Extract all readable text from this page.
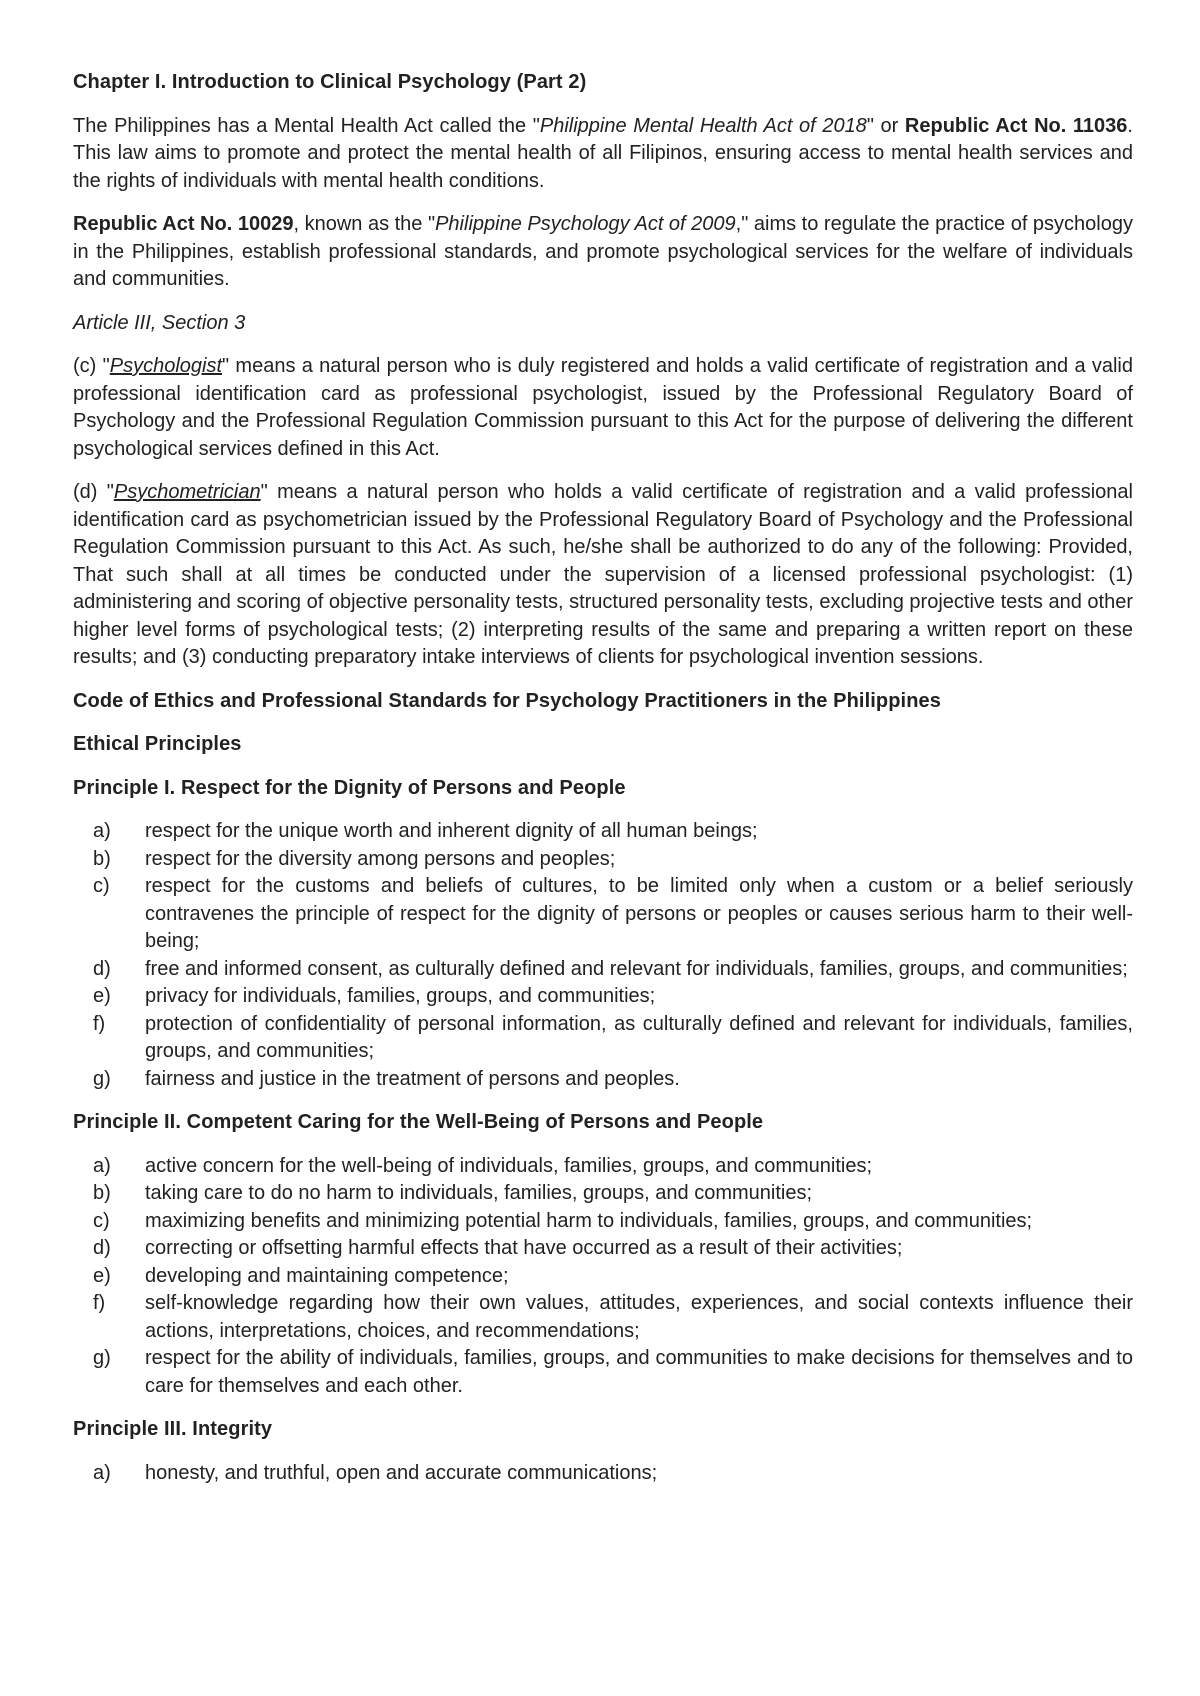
Chapter I. Introduction to Clinical Psychology (Part 2)

The Philippines has a Mental Health Act called the "Philippine Mental Health Act of 2018" or Republic Act No. 11036. This law aims to promote and protect the mental health of all Filipinos, ensuring access to mental health services and the rights of individuals with mental health conditions.

Republic Act No. 10029, known as the "Philippine Psychology Act of 2009," aims to regulate the practice of psychology in the Philippines, establish professional standards, and promote psychological services for the welfare of individuals and communities.

Article III, Section 3

(c) "Psychologist" means a natural person who is duly registered and holds a valid certificate of registration and a valid professional identification card as professional psychologist, issued by the Professional Regulatory Board of Psychology and the Professional Regulation Commission pursuant to this Act for the purpose of delivering the different psychological services defined in this Act.

(d) "Psychometrician" means a natural person who holds a valid certificate of registration and a valid professional identification card as psychometrician issued by the Professional Regulatory Board of Psychology and the Professional Regulation Commission pursuant to this Act. As such, he/she shall be authorized to do any of the following: Provided, That such shall at all times be conducted under the supervision of a licensed professional psychologist: (1) administering and scoring of objective personality tests, structured personality tests, excluding projective tests and other higher level forms of psychological tests; (2) interpreting results of the same and preparing a written report on these results; and (3) conducting preparatory intake interviews of clients for psychological invention sessions.

Code of Ethics and Professional Standards for Psychology Practitioners in the Philippines
Ethical Principles
Principle I. Respect for the Dignity of Persons and People
a) respect for the unique worth and inherent dignity of all human beings;
b) respect for the diversity among persons and peoples;
c) respect for the customs and beliefs of cultures, to be limited only when a custom or a belief seriously contravenes the principle of respect for the dignity of persons or peoples or causes serious harm to their well-being;
d) free and informed consent, as culturally defined and relevant for individuals, families, groups, and communities;
e) privacy for individuals, families, groups, and communities;
f) protection of confidentiality of personal information, as culturally defined and relevant for individuals, families, groups, and communities;
g) fairness and justice in the treatment of persons and peoples.
Principle II. Competent Caring for the Well-Being of Persons and People
a) active concern for the well-being of individuals, families, groups, and communities;
b) taking care to do no harm to individuals, families, groups, and communities;
c) maximizing benefits and minimizing potential harm to individuals, families, groups, and communities;
d) correcting or offsetting harmful effects that have occurred as a result of their activities;
e) developing and maintaining competence;
f) self-knowledge regarding how their own values, attitudes, experiences, and social contexts influence their actions, interpretations, choices, and recommendations;
g) respect for the ability of individuals, families, groups, and communities to make decisions for themselves and to care for themselves and each other.
Principle III. Integrity
a) honesty, and truthful, open and accurate communications;
